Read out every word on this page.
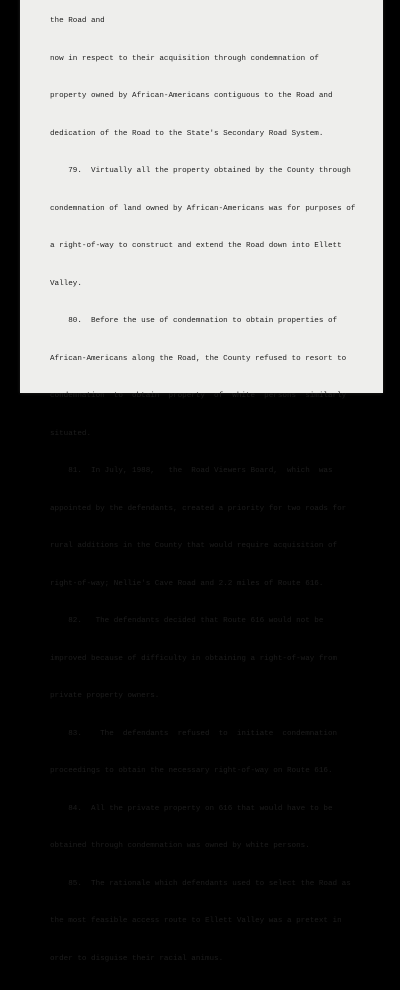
the Road and

now in respect to their acquisition through condemnation of

property owned by African-Americans contiguous to the Road and

dedication of the Road to the State's Secondary Road System.

79.  Virtually all the property obtained by the County through

condemnation of land owned by African-Americans was for purposes of

a right-of-way to construct and extend the Road down into Ellett

Valley.

80.  Before the use of condemnation to obtain properties of

African-Americans along the Road, the County refused to resort to

condemnation  to  obtain  property  of  white  persons  similarly

situated.

81.  In July, 1988,   the  Road Viewers Board,  which  was

appointed by the defendants, created a priority for two roads for

rural additions in the County that would require acquisition of

right-of-way; Nellie's Cave Road and 2.2 miles of Route 616.

82.   The defendants decided that Route 616 would not be

improved because of difficulty in obtaining a right-of-way from

private property owners.

83.    The  defendants  refused  to  initiate  condemnation

proceedings to obtain the necessary right-of-way on Route 616.

84.  All the private property on 616 that would have to be

obtained through condemnation was owned by white persons.

85.  The rationale which defendants used to select the Road as

the most feasible access route to Ellett Valley was a pretext in

order to disguise their racial animus.
